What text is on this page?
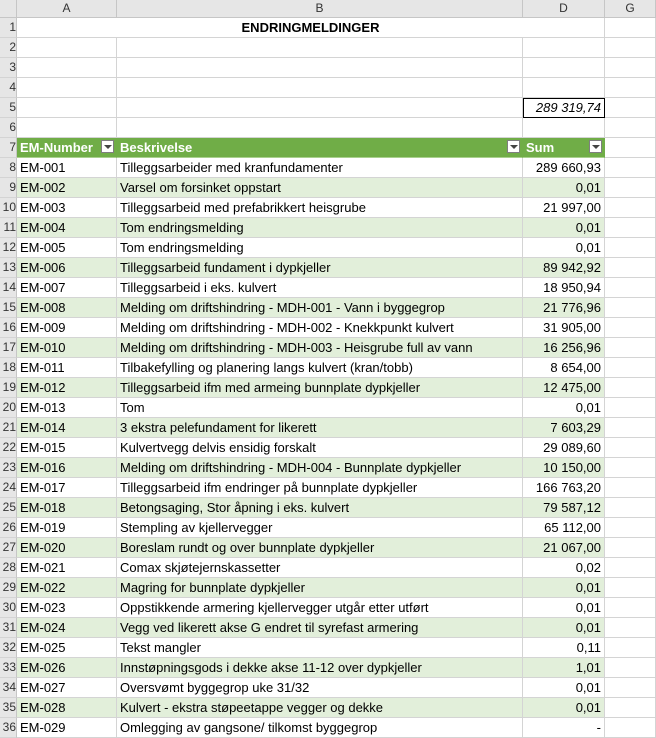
A	B	D	G
1
2
3
4
5
6
7
8
9
10
11
12
13
14
15
16
17
18
19
20
21
22
23
24
25
26
27
28
29
30
31
32
33
34
35
36
ENDRINGMELDINGER
289 319,74
EM-Number	Beskrivelse	Sum
EM-001	Tilleggsarbeider med kranfundamenter	289 660,93
EM-002	Varsel om forsinket oppstart	0,01
EM-003	Tilleggsarbeid med prefabrikkert heisgrube	21 997,00
EM-004	Tom endringsmelding	0,01
EM-005	Tom endringsmelding	0,01
EM-006	Tilleggsarbeid fundament i dypkjeller	89 942,92
EM-007	Tilleggsarbeid i eks. kulvert	18 950,94
EM-008	Melding om driftshindring - MDH-001 - Vann i byggegrop	21 776,96
EM-009	Melding om driftshindring - MDH-002 - Knekkpunkt kulvert	31 905,00
EM-010	Melding om driftshindring - MDH-003 - Heisgrube full av vann	16 256,96
EM-011	Tilbakefylling og planering langs kulvert (kran/tobb)	8 654,00
EM-012	Tilleggsarbeid ifm med armeing bunnplate dypkjeller	12 475,00
EM-013	Tom	0,01
EM-014	3 ekstra pelefundament for likerett	7 603,29
EM-015	Kulvertvegg delvis ensidig forskalt	29 089,60
EM-016	Melding om driftshindring - MDH-004 - Bunnplate dypkjeller	10 150,00
EM-017	Tilleggsarbeid ifm endringer på bunnplate dypkjeller	166 763,20
EM-018	Betongsaging, Stor åpning i eks. kulvert	79 587,12
EM-019	Stempling av kjellervegger	65 112,00
EM-020	Boreslam rundt og over bunnplate dypkjeller	21 067,00
EM-021	Comax skjøtejernskassetter	0,02
EM-022	Magring for bunnplate dypkjeller	0,01
EM-023	Oppstikkende armering kjellervegger utgår etter utført	0,01
EM-024	Vegg ved likerett akse G endret til syrefast armering	0,01
EM-025	Tekst mangler	0,11
EM-026	Innstøpningsgods i dekke akse 11-12 over dypkjeller	1,01
EM-027	Oversvømt byggegrop uke 31/32	0,01
EM-028	Kulvert - ekstra støpeetappe vegger og dekke	0,01
EM-029	Omlegging av gangsone/ tilkomst byggegrop	-
